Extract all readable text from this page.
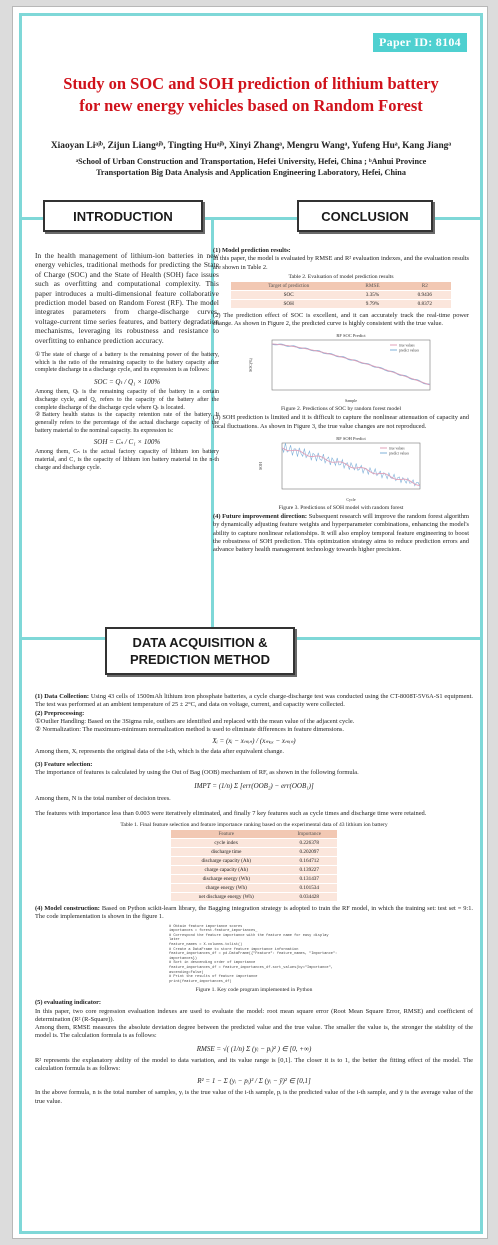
Paper ID: 8104
Study on SOC and SOH prediction of lithium battery
for new energy vehicles based on Random Forest
Xiaoyan Liᵃʲᵇ, Zijun Liangᵃʲᵇ, Tingting Huᵃʲᵇ, Xinyi Zhangᵃ, Mengru Wangᵃ, Yufeng Huᵃ, Kang Jiangᵃ
ᵃSchool of Urban Construction and Transportation, Hefei University, Hefei, China ; ᵇAnhui Province
Transportation Big Data Analysis and Application Engineering Laboratory, Hefei, China
INTRODUCTION	CONCLUSION

In the health management of lithium-ion batteries in new energy vehicles, traditional methods for predicting the State of Charge (SOC) and the State of Health (SOH) face issues such as overfitting and computational complexity. This paper introduces a multi-dimensional feature collaborative prediction model based on Random Forest (RF). The model integrates parameters from charge-discharge curves, voltage-current time series features, and battery degradation mechanisms, leveraging its robustness and resistance to overfitting to enhance prediction accuracy.

①The state of charge of a battery is the remaining power of the battery, which is the ratio of the remaining capacity to the battery capacity after complete discharge in a discharge cycle, and its expression is as follows:

SOC = Qₜ / Q₁ × 100%

Among them, Qₜ is the remaining capacity of the battery in a certain discharge cycle, and Q₁ refers to the capacity of the battery after the complete discharge of the discharge cycle where Qₜ is located.

②Battery health status is the capacity retention rate of the battery. It generally refers to the percentage of the actual discharge capacity of the battery material to the nominal capacity. Its expression is:

SOH = Cₙ / C₁ × 100%

Among them, Cₙ is the actual factory capacity of lithium ion battery material, and C₁ is the capacity of lithium ion battery material in the n-th charge and discharge cycle.

(1) Model prediction results:
In this paper, the model is evaluated by RMSE and R² evaluation indexes, and the evaluation results are shown in Table 2.
Table 2. Evaluation of model prediction results
Target of prediction	RMSE	R2
SOC	3.35%	0.9436
SOH	9.79%	0.8372
(2) The prediction effect of SOC is excellent, and it can accurately track the real-time power change. As shown in Figure 2, the predicted curve is highly consistent with the true value.
RF SOC Predict
Sample
SOC(%)
true values
predict values
Figure 2. Predictions of SOC by random forest model
(3) SOH prediction is limited and it is difficult to capture the nonlinear attenuation of capacity and local fluctuations. As shown in Figure 3, the true value changes are not reproduced.
RF SOH Predict
Cycle
SOH
true values
predict values
Figure 3. Predictions of SOH model with random forest
(4) Future improvement direction: Subsequent research will improve the random forest algorithm by dynamically adjusting feature weights and hyperparameter combinations, enhancing the model's ability to capture nonlinear relationships. It will also employ temporal feature engineering to boost the robustness of SOH prediction. This optimization strategy aims to reduce prediction errors and advance battery health management technology towards higher precision.
DATA ACQUISITION &
PREDICTION METHOD
(1) Data Collection: Using 43 cells of 1500mAh lithium iron phosphate batteries, a cycle charge-discharge test was conducted using the CT-8008T-5V6A-S1 equipment. The test was performed at an ambient temperature of 25 ± 2°C, and data on voltage, current, and capacity were collected.
(2) Preprocessing:
①Outlier Handling: Based on the 3Sigma rule, outliers are identified and replaced with the mean value of the adjacent cycle.
② Normalization: The maximum-minimum normalization method is used to eliminate differences in feature dimensions.
Xᵢ = (xᵢ − xₘᵢₙ) / (xₘₐₓ − xₘᵢₙ)
Among them, Xᵢ represents the original data of the i-th, which is the data after equivalent change.
(3) Feature selection:
The importance of features is calculated by using the Out of Bag (OOB) mechanism of RF, as shown in the following formula.
IMPT = (1/n) Σ [err(OOB₂) − err(OOB₁)]
Among them, N is the total number of decision trees.
The features with importance less than 0.003 were iteratively eliminated, and finally 7 key features such as cycle times and discharge time were retained.
Table 1. Final feature selection and feature importance ranking based on the experimental data of 43 lithium ion battery
Feature	Importance
cycle index	0.226378
discharge time	0.202097
discharge capacity (Ah)	0.164712
charge capacity (Ah)	0.139227
discharge energy (Wh)	0.131437
charge energy (Wh)	0.101534
net discharge energy (Wh)	0.034428
(4) Model construction: Based on Python scikit-learn library, the Bagging integration strategy is adopted to train the RF model, in which the training set: test set = 9:1. The code implementation is shown in the figure 1.
# Obtain feature importance scores
importances = forest.feature_importances_
# Correspond the feature importance with the feature name for easy display later
feature_names = X.columns.tolist()
# Create a DataFrame to store feature importance information
feature_importances_df = pd.DataFrame({"Feature": feature_names, "Importance": importances})
# Sort in descending order of importance
feature_importances_df = feature_importances_df.sort_values(by="Importance", ascending=False)
# Print the results of feature importance
print(feature_importances_df)
Figure 1. Key code program implemented in Python
(5) evaluating indicator:
In this paper, two core regression evaluation indexes are used to evaluate the model: root mean square error (Root Mean Square Error, RMSE) and coefficient of determination (R² (R-Square)).
Among them, RMSE measures the absolute deviation degree between the predicted value and the true value. The smaller the value is, the stronger the stability of the model is. The calculation formula is as follows:
RMSE = √( (1/n) Σ (yᵢ − pᵢ)² ) ∈ [0, +∞)
R² represents the explanatory ability of the model to data variation, and its value range is [0,1]. The closer it is to 1, the better the fitting effect of the model. The calculation formula is as follows:
R² = 1 − Σ (yᵢ − pᵢ)² / Σ (yᵢ − ȳ)² ∈ [0,1]
In the above formula, n is the total number of samples, yᵢ is the true value of the i-th sample, pᵢ is the predicted value of the i-th sample, and ȳ is the average value of the true value.
